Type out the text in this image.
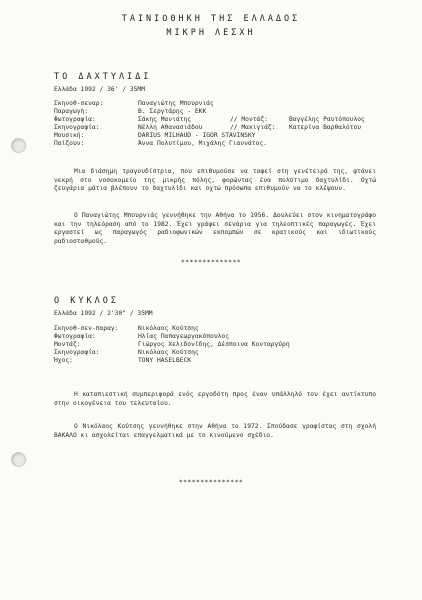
ΤΑΙΝΙΟΘΗΚΗ ΤΗΣ ΕΛΛΑΔΟΣ
ΜΙΚΡΗ ΛΕΣΧΗ
ΤΟ ΔΑΧΤΥΛΙΔΙ
Ελλάδα 1992 / 36' / 35ΜΜ
Σκηνοθ-σεναρ:	Παναγιώτης Μπουρνιάς
Παραγωγή:	Β. Σεργτάρης - ΕΚΚ
Φωτογραφία:	Σάκης Μανιάτης	// Μοντάζ:	Βαγγέλης Ραυτόπουλος
Σκηνογραφία:	Νέλλη Αθανασιάδου	// Μακιγιάζ: Κατερίνα Βαρθαλότου
Μουσική:	DARIUS MILHAUD - IGOR STAVINSKY
Παίζουν:	Άννα Πολυτίμου, Μιχάλης Γιαννάτος.
Μια διάσημη τραγουδίστρια, που επιθυμούσε να ταφεί στη γενέτειρά της, φτάνει νεκρή στο νοσοκομείο της μικρής πόλης, φορώντας ένα πολύτιμο δαχτυλίδι. Οχτώ ζευγάρια μάτια βλέπουν το δαχτυλίδι και οχτώ πρόσωπα επιθυμούν να το κλέψουν.
Ο Παναγιώτης Μπουρνιάς γεννήθηκε την Αθήνα το 1956. Δουλεύει στον κινηματογράφο και την τηλεόραση από το 1982. Έχει γράψει σενάρια για τηλεοπτικές παραγωγές. Έχει εργαστεί ως παραγωγός ραδιοφωνικών εκπομπών σε κρατικούς και ιδιωτικούς ραδιοσταθμούς.
**************
Ο ΚΥΚΛΟΣ
Ελλάδα 1992 / 2'30" / 35ΜΜ
Σκηνοθ-σεν-παραγ:	Νικόλαος Κούτσης
Φωτογραφία:	Ηλίας Παπαγεωργακόπουλος
Μοντάζ:	Γιώργος Χελιδονίδης, Δέσποινα Κονταργύρη
Σκηνογραφία:	Νικόλαος Κούτσης
Ήχος:	TONY HASELBECK
Η καταπιεστική συμπεριφορά ενός εργοδότη προς έναν υπάλληλό του έχει αντίκτυπο στην οικογένεια του τελευταίου.
Ο Νικόλαος Κούτσης γεννήθηκε στην Αθήνα το 1972. Σπούδασε γραφίστας στη σχολή ΒΑΚΑΛΟ κι ασχολείται επαγγελματικά με το κινούμενο σχέδιο.
***************
